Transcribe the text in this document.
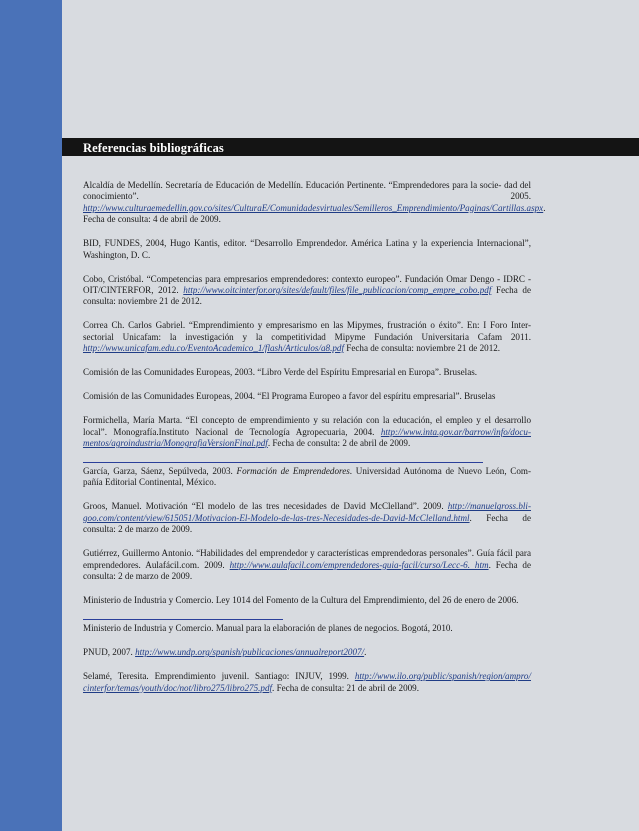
Referencias bibliográficas

Alcaldía de Medellín. Secretaría de Educación de Medellín. Educación Pertinente. “Emprendedores para la socie- dad del conocimiento”. 2005. http://www.culturaemedellin.gov.co/sites/CulturaE/Comunidadesvirtuales/Semilleros_Emprendimiento/Paginas/Cartillas.aspx. Fecha de consulta: 4 de abril de 2009.

BID, FUNDES, 2004, Hugo Kantis, editor. “Desarrollo Emprendedor. América Latina y la experiencia Internacional”, Washington, D. C.

Cobo, Cristóbal. “Competencias para empresarios emprendedores: contexto europeo”. Fundación Omar Dengo - IDRC - OIT/CINTERFOR, 2012. http://www.oitcinterfor.org/sites/default/files/file_publicacion/comp_empre_cobo.pdf Fecha de consulta: noviembre 21 de 2012.

Correa Ch. Carlos Gabriel. “Emprendimiento y empresarismo en las Mipymes, frustración o éxito”. En: I Foro Inter- sectorial Unicafam: la investigación y la competitividad Mipyme Fundación Universitaria Cafam 2011. http://www.unicafam.edu.co/EventoAcademico_1/flash/Articulos/a8.pdf Fecha de consulta: noviembre 21 de 2012.

Comisión de las Comunidades Europeas, 2003. “Libro Verde del Espíritu Empresarial en Europa”. Bruselas.

Comisión de las Comunidades Europeas, 2004. “El Programa Europeo a favor del espíritu empresarial”. Bruselas

Formichella, María Marta. “El concepto de emprendimiento y su relación con la educación, el empleo y el desarrollo local”. Monografía.Instituto Nacional de Tecnología Agropecuaria, 2004. http://www.inta.gov.ar/barrow/info/docu- mentos/agroindustria/MonografiaVersionFinal.pdf. Fecha de consulta: 2 de abril de 2009.

García, Garza, Sáenz, Sepúlveda, 2003. Formación de Emprendedores. Universidad Autónoma de Nuevo León, Com- pañía Editorial Continental, México.

Groos, Manuel. Motivación “El modelo de las tres necesidades de David McClelland”. 2009. http://manuelgross.bli- goo.com/content/view/615051/Motivacion-El-Modelo-de-las-tres-Necesidades-de-David-McClelland.html. Fecha de consulta: 2 de marzo de 2009.

Gutiérrez, Guillermo Antonio. “Habilidades del emprendedor y características emprendedoras personales”. Guía fácil para emprendedores. Aulafácil.com. 2009. http://www.aulafacil.com/emprendedores-guia-facil/curso/Lecc-6. htm. Fecha de consulta: 2 de marzo de 2009.

Ministerio de Industria y Comercio. Ley 1014 del Fomento de la Cultura del Emprendimiento, del 26 de enero de 2006.

Ministerio de Industria y Comercio. Manual para la elaboración de planes de negocios. Bogotá, 2010.

PNUD, 2007. http://www.undp.org/spanish/publicaciones/annualreport2007/.

Selamé, Teresita. Emprendimiento juvenil. Santiago: INJUV, 1999. http://www.ilo.org/public/spanish/region/ampro/ cinterfor/temas/youth/doc/not/libro275/libro275.pdf. Fecha de consulta: 21 de abril de 2009.
